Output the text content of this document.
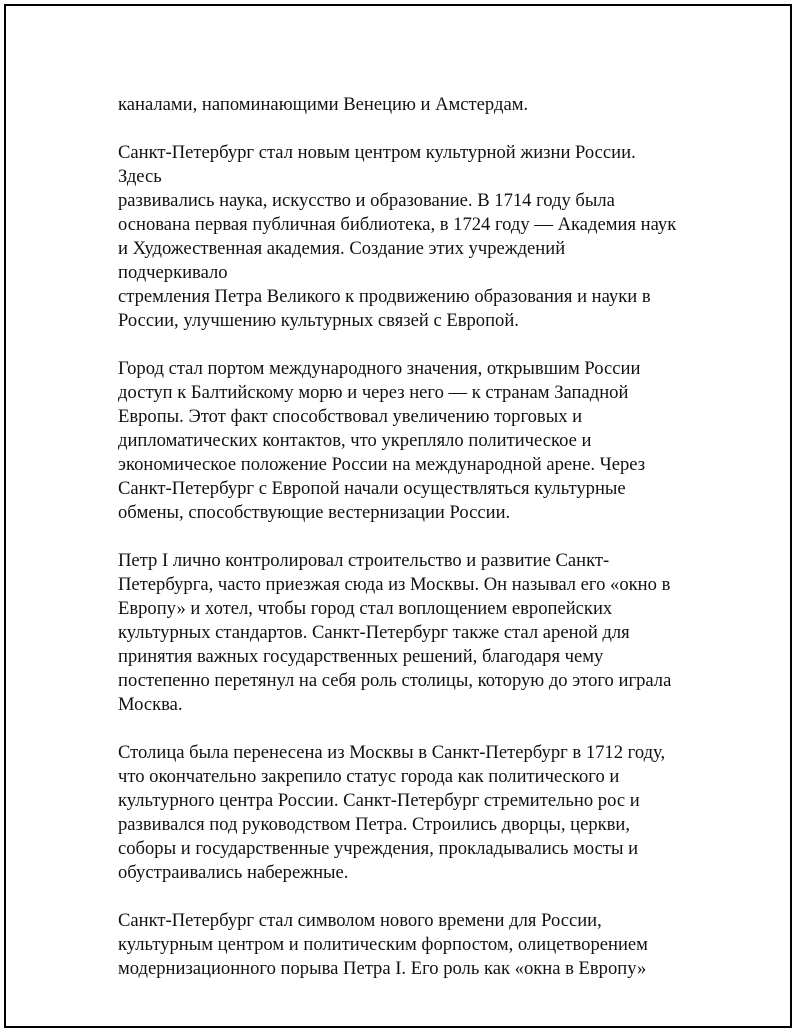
каналами, напоминающими Венецию и Амстердам.

Санкт-Петербург стал новым центром культурной жизни России. Здесь
развивались наука, искусство и образование. В 1714 году была
основана первая публичная библиотека, в 1724 году — Академия наук
и Художественная академия. Создание этих учреждений подчеркивало
стремления Петра Великого к продвижению образования и науки в
России, улучшению культурных связей с Европой.

Город стал портом международного значения, открывшим России
доступ к Балтийскому морю и через него — к странам Западной
Европы. Этот факт способствовал увеличению торговых и
дипломатических контактов, что укрепляло политическое и
экономическое положение России на международной арене. Через
Санкт-Петербург с Европой начали осуществляться культурные
обмены, способствующие вестернизации России.

Петр I лично контролировал строительство и развитие Санкт-
Петербурга, часто приезжая сюда из Москвы. Он называл его «окно в
Европу» и хотел, чтобы город стал воплощением европейских
культурных стандартов. Санкт-Петербург также стал ареной для
принятия важных государственных решений, благодаря чему
постепенно перетянул на себя роль столицы, которую до этого играла
Москва.

Столица была перенесена из Москвы в Санкт-Петербург в 1712 году,
что окончательно закрепило статус города как политического и
культурного центра России. Санкт-Петербург стремительно рос и
развивался под руководством Петра. Строились дворцы, церкви,
соборы и государственные учреждения, прокладывались мосты и
обустраивались набережные.

Санкт-Петербург стал символом нового времени для России,
культурным центром и политическим форпостом, олицетворением
модернизационного порыва Петра I. Его роль как «окна в Европу»
